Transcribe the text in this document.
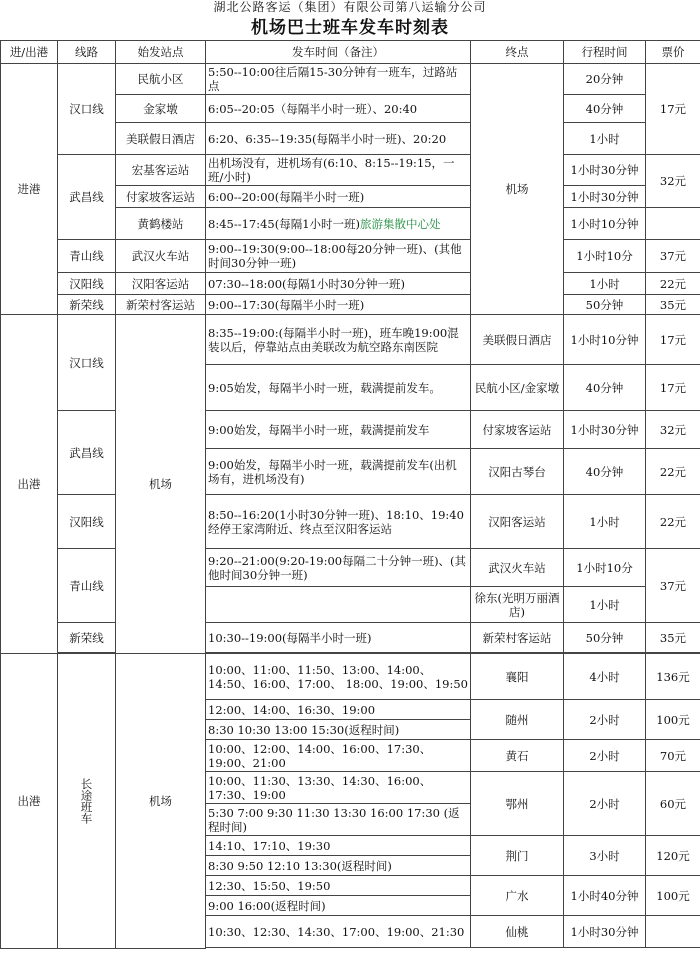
湖北公路客运（集团）有限公司第八运输分公司
机场巴士班车发车时刻表
进/出港	线路	始发站点	发车时间（备注）	终点	行程时间	票价
进港	汉口线	民航小区	5:50--10:00往后隔15-30分钟有一班车，过路站点	机场	20分钟	17元
		金家墩	6:05--20:05（每隔半小时一班）、20:40		40分钟	
		美联假日酒店	6:20、6:35--19:35(每隔半小时一班)、20:20		1小时	
	武昌线	宏基客运站	出机场没有，进机场有(6:10、8:15--19:15，一班/小时)		1小时30分钟	32元
		付家坡客运站	6:00--20:00(每隔半小时一班)		1小时30分钟	
		黄鹤楼站	8:45--17:45(每隔1小时一班)旅游集散中心处		1小时10分钟	
	青山线	武汉火车站	9:00--19:30(9:00--18:00每20分钟一班)、(其他时间30分钟一班)		1小时10分	37元
	汉阳线	汉阳客运站	07:30--18:00(每隔1小时30分钟一班)		1小时	22元
	新荣线	新荣村客运站	9:00--17:30(每隔半小时一班)		50分钟	35元
出港	汉口线	机场	8:35--19:00:(每隔半小时一班)，班车晚19:00混装以后，停靠站点由美联改为航空路东南医院	美联假日酒店	1小时10分钟	17元
			9:05始发，每隔半小时一班，载满提前发车。	民航小区/金家墩	40分钟	17元
	武昌线		9:00始发，每隔半小时一班，载满提前发车	付家坡客运站	1小时30分钟	32元
			9:00始发，每隔半小时一班，载满提前发车(出机场有，进机场没有)	汉阳古琴台	40分钟	22元
	汉阳线		8:50--16:20(1小时30分钟一班)、18:10、19:40经停王家湾附近、终点至汉阳客运站	汉阳客运站	1小时	22元
	青山线		9:20--21:00(9:20-19:00每隔二十分钟一班)、(其他时间30分钟一班)	武汉火车站	1小时10分	37元
				徐东(光明万丽酒店)	1小时	
	新荣线		10:30--19:00(每隔半小时一班)	新荣村客运站	50分钟	35元

出港	长途班车	机场	10:00、11:00、11:50、13:00、14:00、14:50、16:00、17:00、 18:00、19:00、19:50	襄阳	4小时	136元
			12:00、14:00、16:30、19:00	随州	2小时	100元
			8:30 10:30 13:00 15:30(返程时间)			
			10:00、12:00、14:00、16:00、17:30、19:00、21:00	黄石	2小时	70元
			10:00、11:30、13:30、14:30、16:00、17:30、19:00	鄂州	2小时	60元
			5:30 7:00 9:30 11:30 13:30 16:00 17:30 (返程时间)			
			14:10、17:10、19:30	荆门	3小时	120元
			8:30 9:50 12:10 13:30(返程时间)			
			12:30、15:50、19:50	广水	1小时40分钟	100元
			9:00 16:00(返程时间)			
			10:30、12:30、14:30、17:00、19:00、21:30	仙桃	1小时30分钟	
